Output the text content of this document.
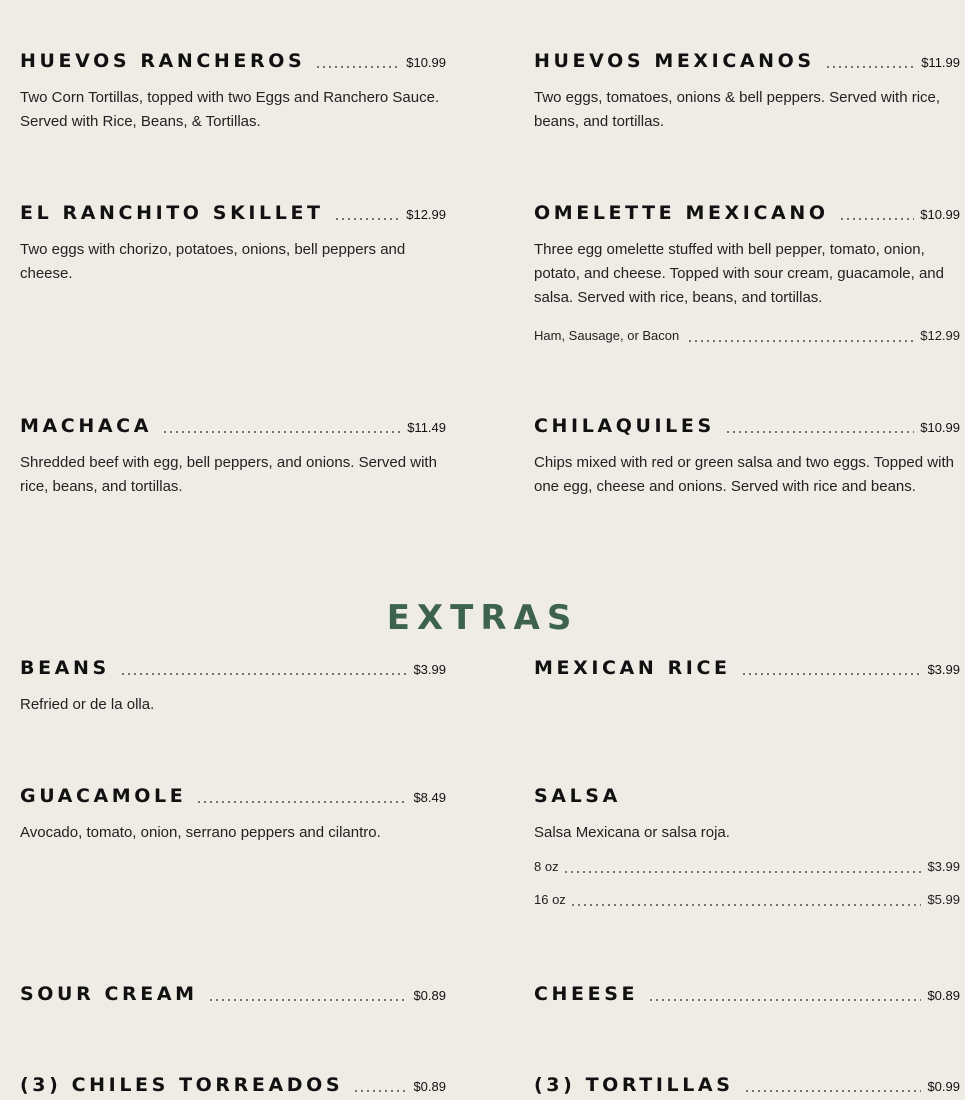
HUEVOS RANCHEROS	$10.99
Two Corn Tortillas, topped with two Eggs and Ranchero Sauce. Served with Rice, Beans, & Tortillas.
HUEVOS MEXICANOS	$11.99
Two eggs, tomatoes, onions & bell peppers. Served with rice, beans, and tortillas.
EL RANCHITO SKILLET	$12.99
Two eggs with chorizo, potatoes, onions, bell peppers and cheese.
OMELETTE MEXICANO	$10.99
Three egg omelette stuffed with bell pepper, tomato, onion, potato, and cheese. Topped with sour cream, guacamole, and salsa. Served with rice, beans, and tortillas.
Ham, Sausage, or Bacon	$12.99
MACHACA	$11.49
Shredded beef with egg, bell peppers, and onions. Served with rice, beans, and tortillas.
CHILAQUILES	$10.99
Chips mixed with red or green salsa and two eggs. Topped with one egg, cheese and onions. Served with rice and beans.
EXTRAS
BEANS	$3.99
Refried or de la olla.
MEXICAN RICE	$3.99
GUACAMOLE	$8.49
Avocado, tomato, onion, serrano peppers and cilantro.
SALSA
Salsa Mexicana or salsa roja.
8 oz	$3.99
16 oz	$5.99
SOUR CREAM	$0.89	CHEESE	$0.89
(3) CHILES TORREADOS	$0.89	(3) TORTILLAS	$0.99
